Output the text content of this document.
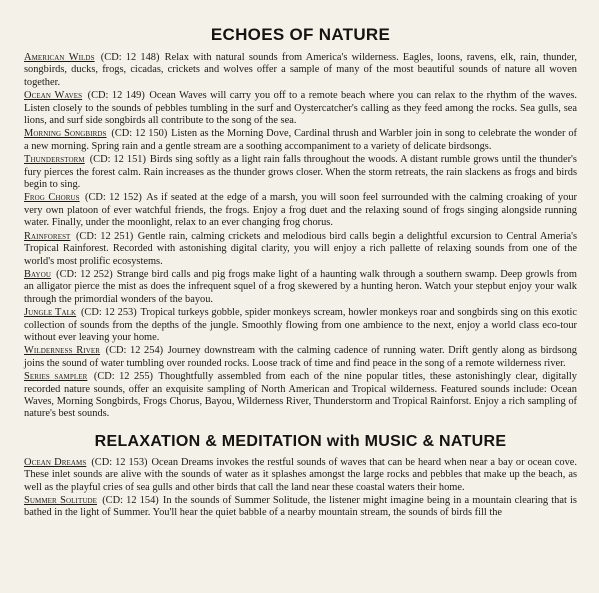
ECHOES OF NATURE

American Wilds (CD: 12 148) Relax with natural sounds from America's wilderness. Eagles, loons, ravens, elk, rain, thunder, songbirds, ducks, frogs, cicadas, crickets and wolves offer a sample of many of the most beautiful sounds of nature all woven together.

Ocean Waves (CD: 12 149) Ocean Waves will carry you off to a remote beach where you can relax to the rhythm of the waves. Listen closely to the sounds of pebbles tumbling in the surf and Oystercatcher's calling as they feed among the rocks. Sea gulls, sea lions, and surf side songbirds all contribute to the song of the sea.

Morning Songbirds (CD: 12 150) Listen as the Morning Dove, Cardinal thrush and Warbler join in song to celebrate the wonder of a new morning. Spring rain and a gentle stream are a soothing accompaniment to a variety of delicate birdsongs.

Thunderstorm (CD: 12 151) Birds sing softly as a light rain falls throughout the woods. A distant rumble grows until the thunder's fury pierces the forest calm. Rain increases as the thunder grows closer. When the storm retreats, the rain slackens as frogs and birds begin to sing.

Frog Chorus (CD: 12 152) As if seated at the edge of a marsh, you will soon feel surrounded with the calming croaking of your very own platoon of ever watchful friends, the frogs. Enjoy a frog duet and the relaxing sound of frogs singing alongside running water. Finally, under the moonlight, relax to an ever changing frog chorus.

Rainforest (CD: 12 251) Gentle rain, calming crickets and melodious bird calls begin a delightful excursion to Central Ameria's Tropical Rainforest. Recorded with astonishing digital clarity, you will enjoy a rich pallette of relaxing sounds from one of the world's most prolific ecosystems.

Bayou (CD: 12 252) Strange bird calls and pig frogs make light of a haunting walk through a southern swamp. Deep growls from an alligator pierce the mist as does the infrequent squel of a frog skewered by a hunting heron. Watch your stepbut enjoy your walk through the primordial wonders of the bayou.

Jungle Talk (CD: 12 253) Tropical turkeys gobble, spider monkeys scream, howler monkeys roar and songbirds sing on this exotic collection of sounds from the depths of the jungle. Smoothly flowing from one ambience to the next, enjoy a world class eco-tour without ever leaving your home.

Wilderness River (CD: 12 254) Journey downstream with the calming cadence of running water. Drift gently along as birdsong joins the sound of water tumbling over rounded rocks. Loose track of time and find peace in the song of a remote wilderness river.

Series sampler (CD: 12 255) Thoughtfully assembled from each of the nine popular titles, these astonishingly clear, digitally recorded nature sounds, offer an exquisite sampling of North American and Tropical wilderness. Featured sounds include: Ocean Waves, Morning Songbirds, Frogs Chorus, Bayou, Wilderness River, Thunderstorm and Tropical Rainforst. Enjoy a rich sampling of nature's best sounds.

RELAXATION & MEDITATION with MUSIC & NATURE

Ocean Dreams (CD: 12 153) Ocean Dreams invokes the restful sounds of waves that can be heard when near a bay or ocean cove. These inlet sounds are alive with the sounds of water as it splashes amongst the large rocks and pebbles that make up the beach, as well as the playful cries of sea gulls and other birds that call the land near these coastal waters their home.

Summer Solitude (CD: 12 154) In the sounds of Summer Solitude, the listener might imagine being in a mountain clearing that is bathed in the light of Summer. You'll hear the quiet babble of a nearby mountain stream, the sounds of birds fill the
